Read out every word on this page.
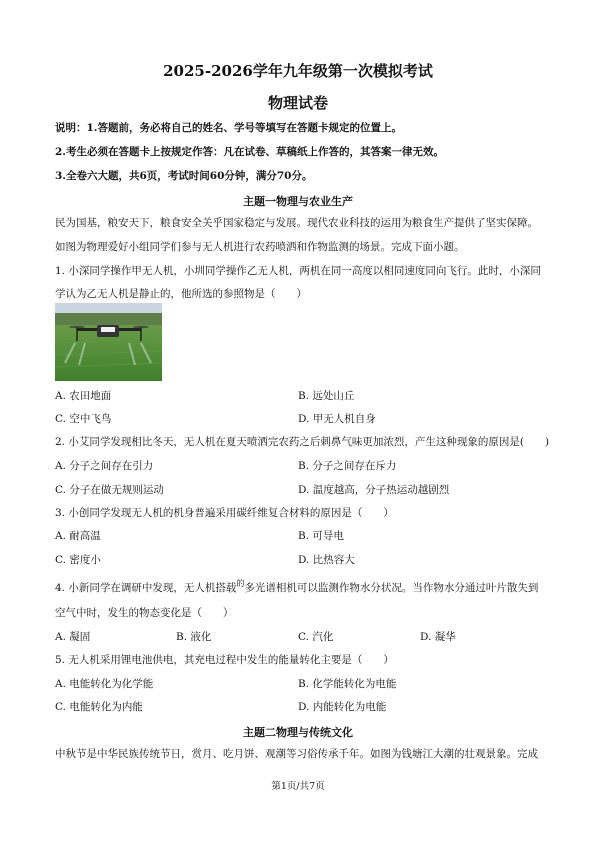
2025-2026学年九年级第一次模拟考试
物理试卷
说明：1.答题前，务必将自己的姓名、学号等填写在答题卡规定的位置上。
2.考生必须在答题卡上按规定作答：凡在试卷、草稿纸上作答的，其答案一律无效。
3.全卷六大题，共6页，考试时间60分钟，满分70分。
主题一物理与农业生产
民为国基，粮安天下，粮食安全关乎国家稳定与发展。现代农业科技的运用为粮食生产提供了坚实保障。
如图为物理爱好小组同学们参与无人机进行农药喷洒和作物监测的场景。完成下面小题。
1. 小深同学操作甲无人机，小圳同学操作乙无人机，两机在同一高度以相同速度同向飞行。此时，小深同
学认为乙无人机是静止的，他所选的参照物是（　　）
A. 农田地面	B. 远处山丘
C. 空中飞鸟	D. 甲无人机自身
2. 小艾同学发现相比冬天，无人机在夏天喷洒完农药之后刺鼻气味更加浓烈，产生这种现象的原因是(　　)
A. 分子之间存在引力	B. 分子之间存在斥力
C. 分子在做无规则运动	D. 温度越高，分子热运动越剧烈
3. 小创同学发现无人机的机身普遍采用碳纤维复合材料的原因是（　　）
A. 耐高温	B. 可导电
C. 密度小	D. 比热容大
4. 小新同学在调研中发现，无人机搭载$^的$多光谱相机可以监测作物水分状况。当作物水分通过叶片散失到
空气中时，发生的物态变化是（　　）
A. 凝固	B. 液化	C. 汽化	D. 凝华
5. 无人机采用锂电池供电，其充电过程中发生的能量转化主要是（　　）
A. 电能转化为化学能	B. 化学能转化为电能
C. 电能转化为内能	D. 内能转化为电能
主题二物理与传统文化
中秋节是中华民族传统节日，赏月、吃月饼、观潮等习俗传承千年。如图为钱塘江大潮的壮观景象。完成
第1页/共7页
